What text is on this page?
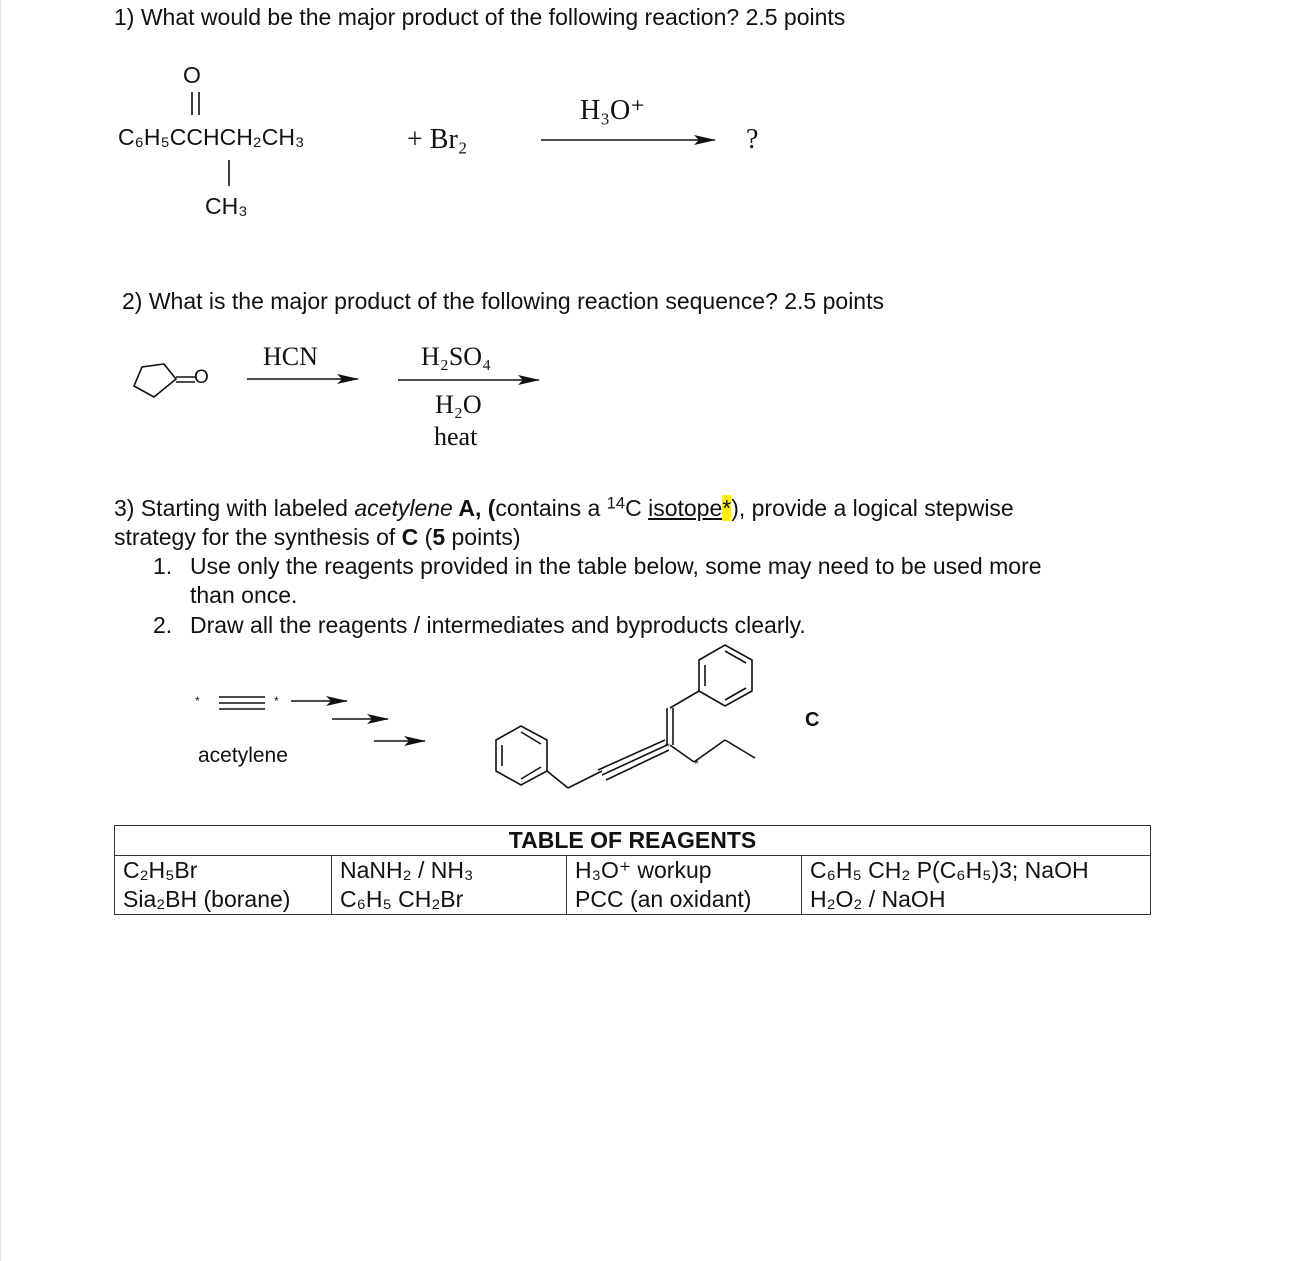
1) What would be the major product of the following reaction? 2.5 points
O
C₆H₅CCHCH₂CH₃
CH₃
+ Br₂
H₃O⁺
?
2) What is the major product of the following reaction sequence? 2.5 points
O
HCN	H₂SO₄
H₂O
heat
3) Starting with labeled acetylene A, (contains a $^{14}$C isotope*), provide a logical stepwise
strategy for the synthesis of C (5 points)
1. Use only the reagents provided in the table below, some may need to be used more
than once.
2. Draw all the reagents / intermediates and byproducts clearly.
*	*
acetylene	*
*
C
TABLE OF REAGENTS			
C₂H₅Br	NaNH₂ / NH₃	H₃O⁺ workup	C₆H₅ CH₂ P(C₆H₅)3; NaOH
Sia₂BH (borane)	C₆H₅ CH₂Br	PCC (an oxidant)	H₂O₂ / NaOH
